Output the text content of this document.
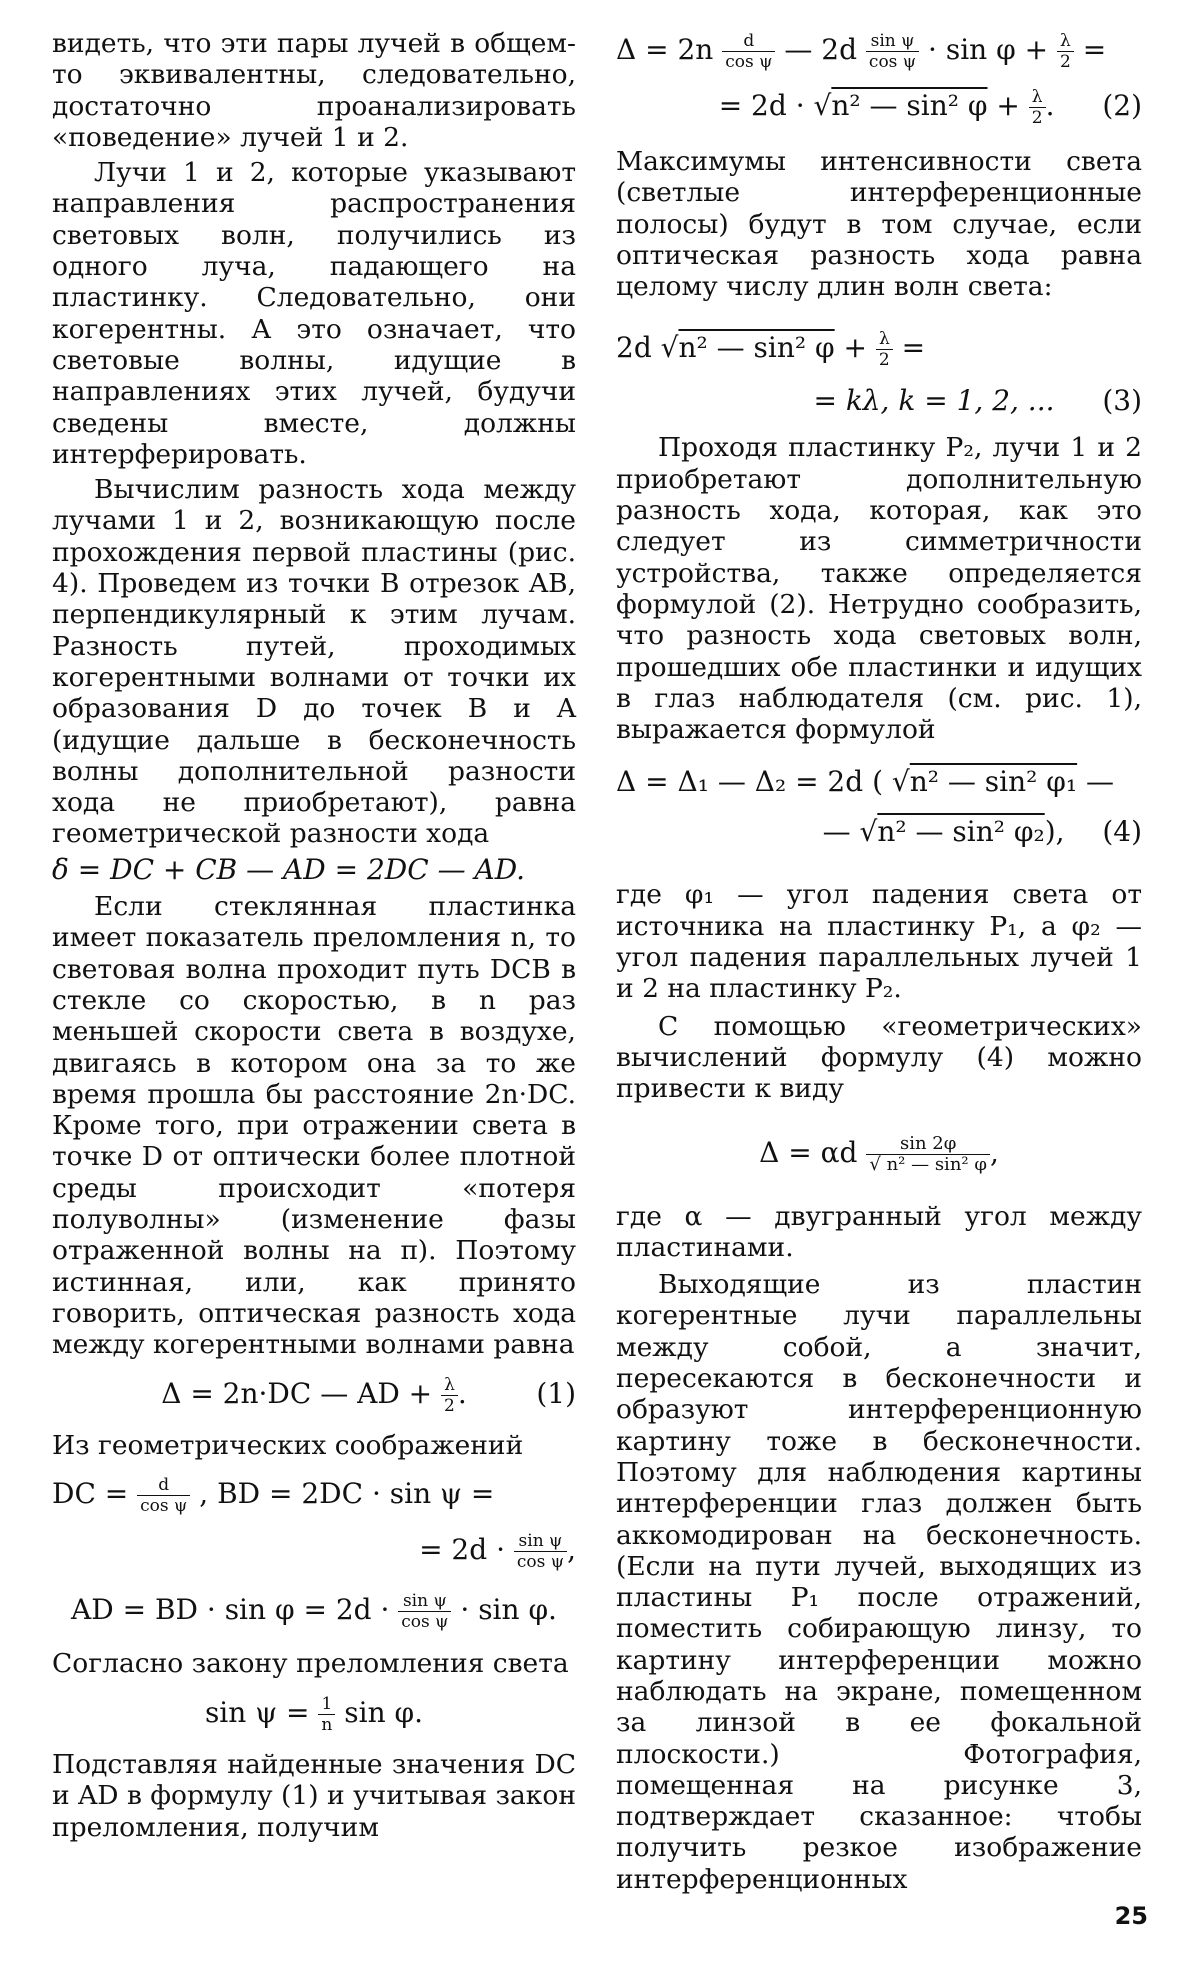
видеть, что эти пары лучей в общем-то эквивалентны, следовательно, достаточно проанализировать «поведение» лучей 1 и 2.

Лучи 1 и 2, которые указывают направления распространения световых волн, получились из одного луча, падающего на пластинку. Следовательно, они когерентны. А это означает, что световые волны, идущие в направлениях этих лучей, будучи сведены вместе, должны интерферировать.

Вычислим разность хода между лучами 1 и 2, возникающую после прохождения первой пластины (рис. 4). Проведем из точки B отрезок AB, перпендикулярный к этим лучам. Разность путей, проходимых когерентными волнами от точки их образования D до точек B и A (идущие дальше в бесконечность волны дополнительной разности хода не приобретают), равна геометрической разности хода

δ = DC + CB — AD = 2DC — AD.

Если стеклянная пластинка имеет показатель преломления n, то световая волна проходит путь DCB в стекле со скоростью, в n раз меньшей скорости света в воздухе, двигаясь в котором она за то же время прошла бы расстояние 2n·DC. Кроме того, при отражении света в точке D от оптически более плотной среды происходит «потеря полуволны» (изменение фазы отраженной волны на π). Поэтому истинная, или, как принято говорить, оптическая разность хода между когерентными волнами равна

Δ = 2n·DC — AD + $\frac{\lambda}{2}$ . (1)

Из геометрических соображений

DC = $\frac{d}{\text{cos ψ}}$ , BD = 2DC · sin ψ =
= $2d \cdot \frac{\text{sin ψ}}{\text{cos ψ}}$ ,
AD = BD · $\sin \varphi = 2d \cdot \frac{\text{sin ψ}}{\text{cos ψ}} \cdot \sin \varphi$.

Согласно закону преломления света

$\sin \psi = \frac{1}{n}$ sin φ.

Подставляя найденные значения DC и AD в формулу (1) и учитывая закон преломления, получим

$\Delta = 2n \frac{d}{\text{cos ψ}}$ — $2d \frac{\text{sin ψ}}{\text{cos ψ}} \cdot \sin \varphi + \frac{\lambda}{2}$ =
= 2d · √n² — sin² $\varphi + \frac{\lambda}{2}$ . (2)

Максимумы интенсивности света (светлые интерференционные полосы) будут в том случае, если оптическая разность хода равна целому числу длин волн света:

2d √n² — sin² $\varphi + \frac{\lambda}{2}$ =
= kλ, k = 1, 2, ... (3)

Проходя пластинку P₂, лучи 1 и 2 приобретают дополнительную разность хода, которая, как это следует из симметричности устройства, также определяется формулой (2). Нетрудно сообразить, что разность хода световых волн, прошедших обе пластинки и идущих в глаз наблюдателя (см. рис. 1), выражается формулой

Δ = Δ₁ — Δ₂ = 2d ( √n² — sin² φ₁ —
— √n² — sin² φ₂), (4)

где φ₁ — угол падения света от источника на пластинку P₁, а φ₂ — угол падения параллельных лучей 1 и 2 на пластинку P₂.

С помощью «геометрических» вычислений формулу (4) можно привести к виду

Δ = αd $\frac{\sin 2\varphi}{\text{√ n² — sin² φ}}$ ,

где α — двугранный угол между пластинами.

Выходящие из пластин когерентные лучи параллельны между собой, а значит, пересекаются в бесконечности и образуют интерференционную картину тоже в бесконечности. Поэтому для наблюдения картины интерференции глаз должен быть аккомодирован на бесконечность. (Если на пути лучей, выходящих из пластины P₁ после отражений, поместить собирающую линзу, то картину интерференции можно наблюдать на экране, помещенном за линзой в ее фокальной плоскости.) Фотография, помещенная на рисунке 3, подтверждает сказанное: чтобы получить резкое изображение интерференционных

25
